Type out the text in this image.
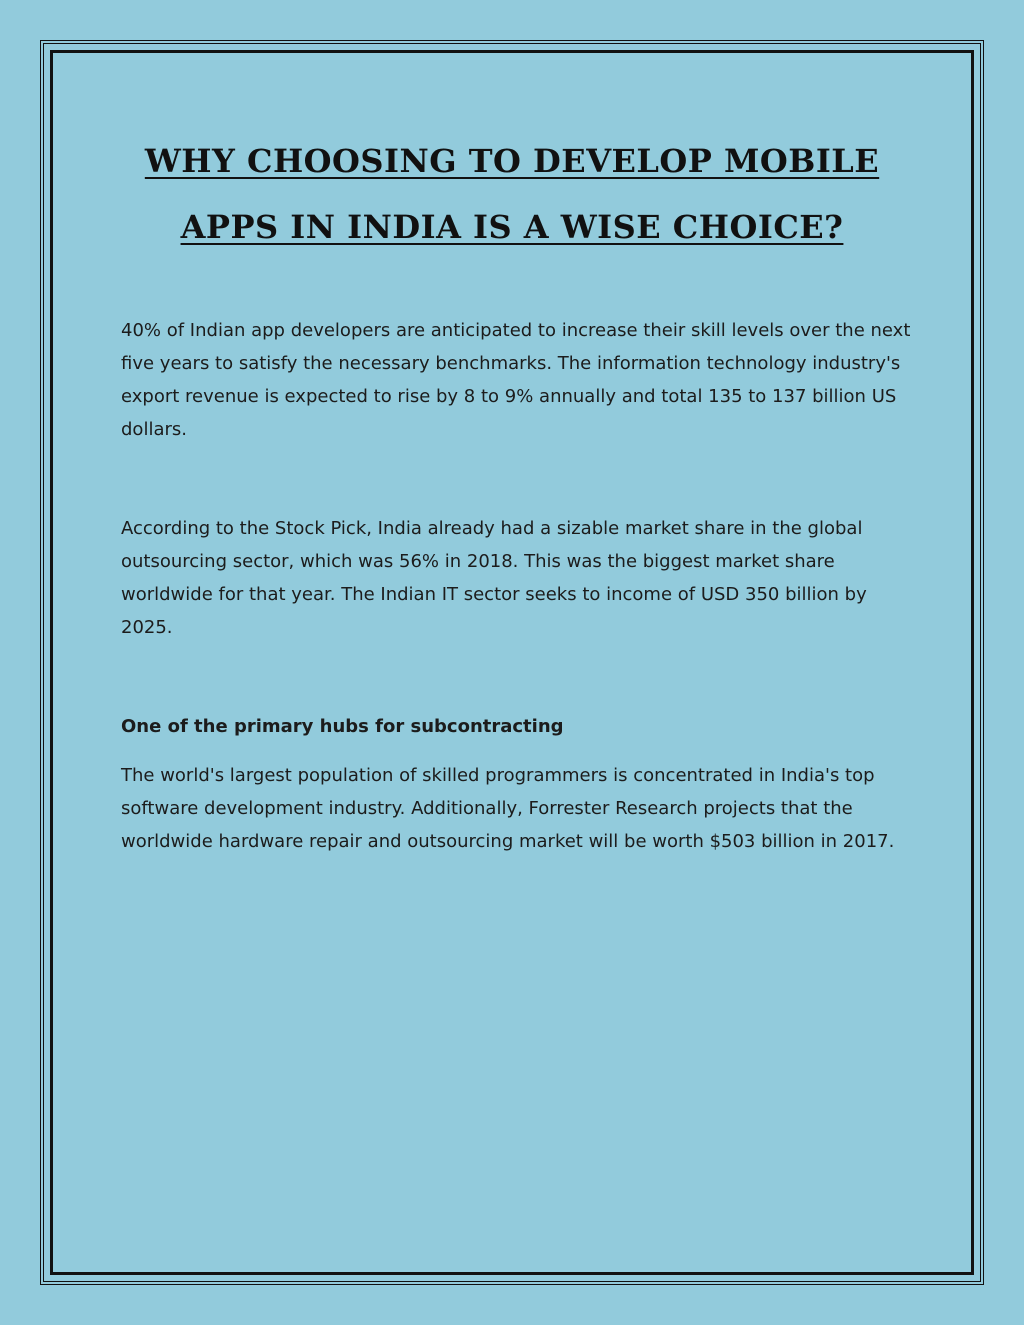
WHY CHOOSING TO DEVELOP MOBILE
APPS IN INDIA IS A WISE CHOICE?

40% of Indian app developers are anticipated to increase their skill levels over the next five years to satisfy the necessary benchmarks. The information technology industry's export revenue is expected to rise by 8 to 9% annually and total 135 to 137 billion US dollars.

According to the Stock Pick, India already had a sizable market share in the global outsourcing sector, which was 56% in 2018. This was the biggest market share worldwide for that year. The Indian IT sector seeks to income of USD 350 billion by 2025.

One of the primary hubs for subcontracting

The world's largest population of skilled programmers is concentrated in India's top software development industry. Additionally, Forrester Research projects that the worldwide hardware repair and outsourcing market will be worth $503 billion in 2017.
